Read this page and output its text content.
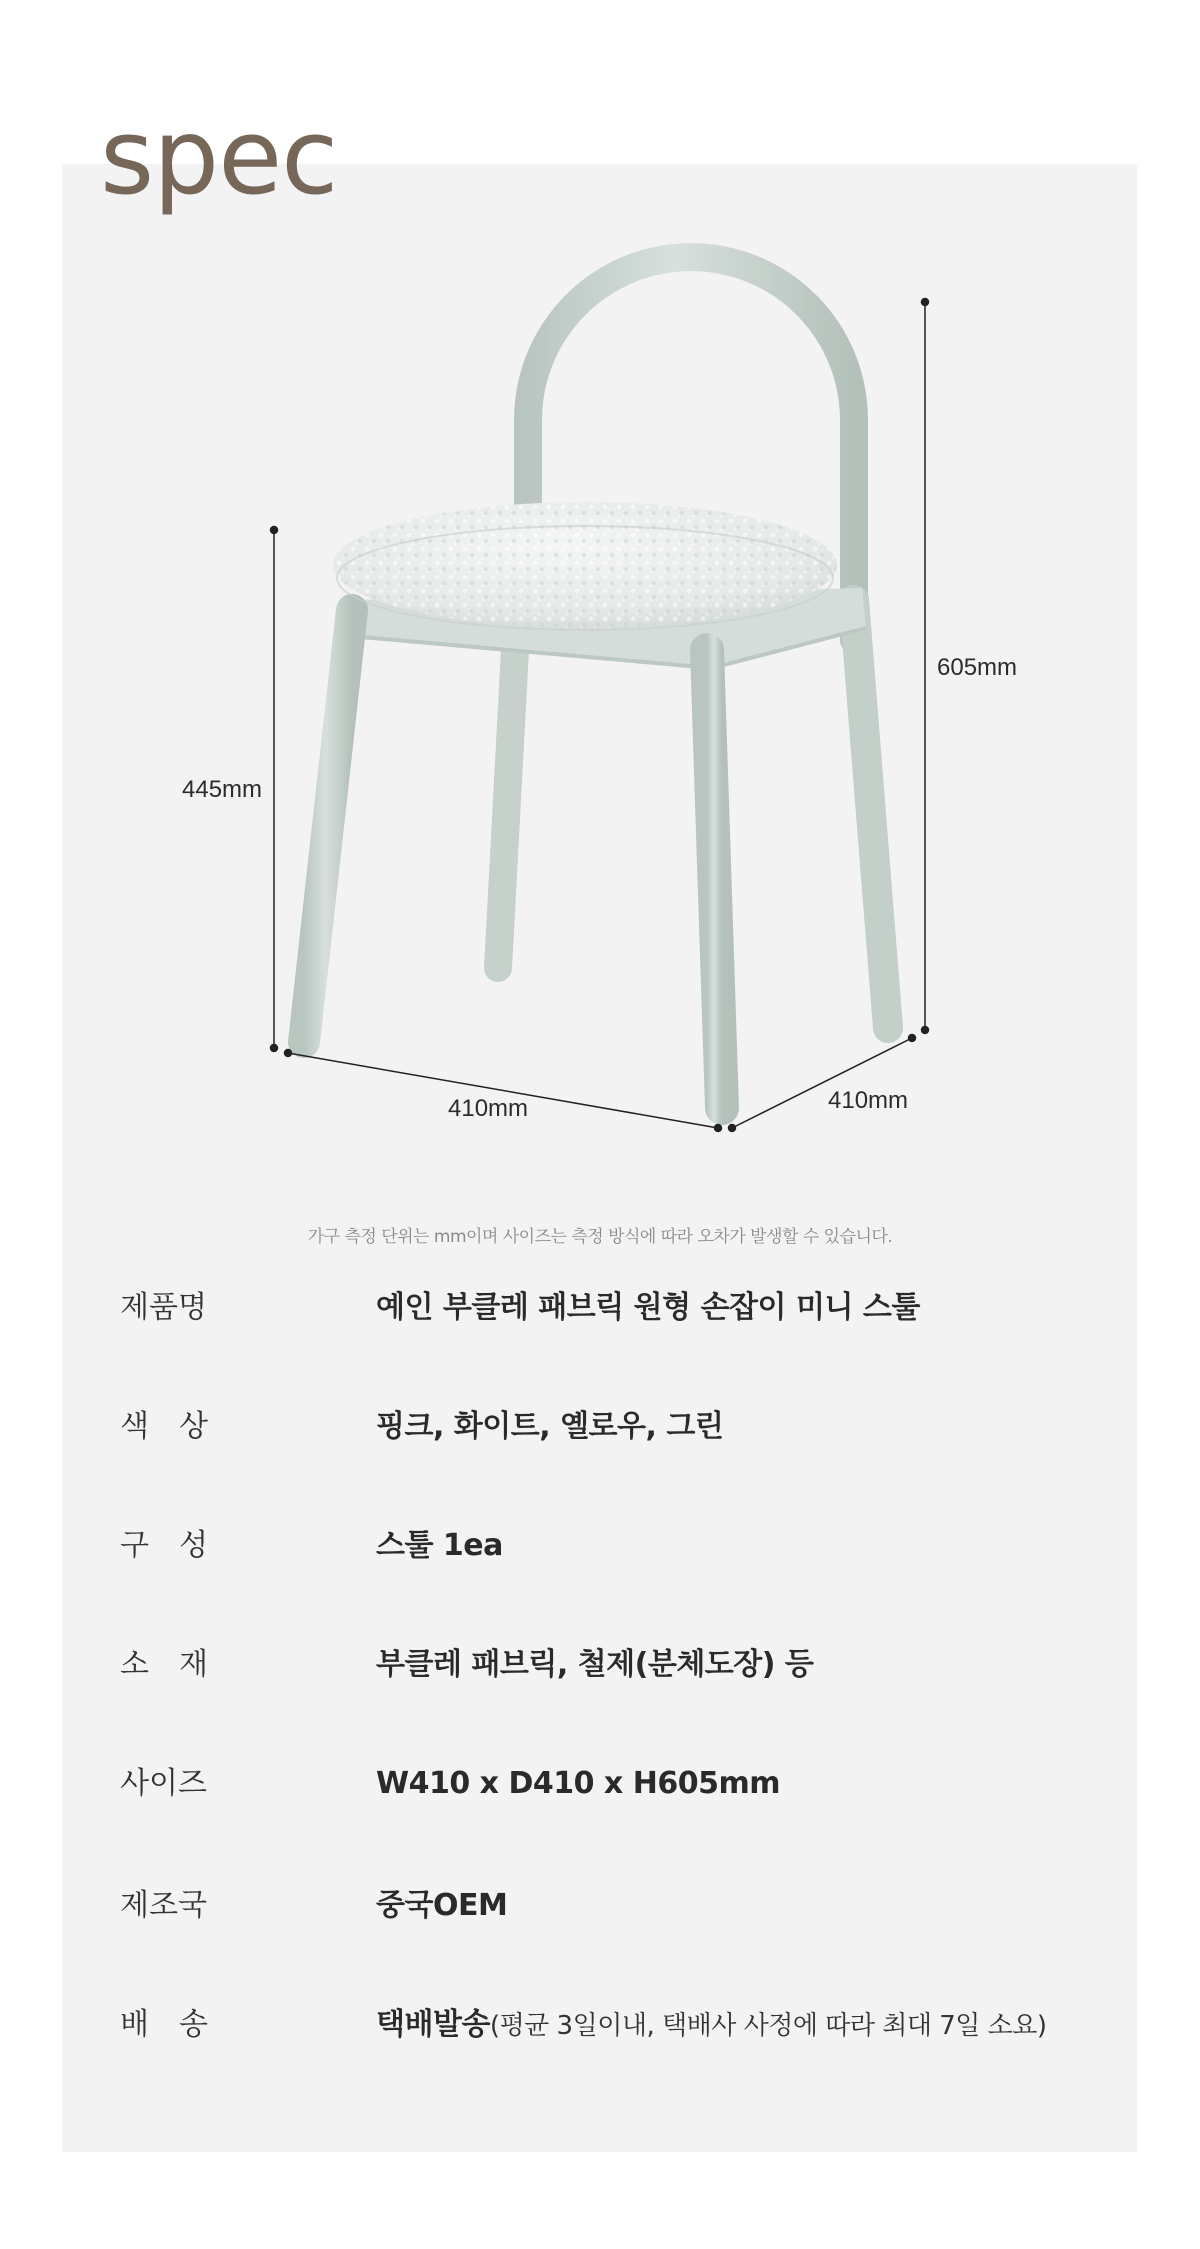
spec
605mm
445mm
410mm	410mm
가구 측정 단위는 mm이며 사이즈는 측정 방식에 따라 오차가 발생할 수 있습니다.
제품명	예인 부클레 패브릭 원형 손잡이 미니 스툴
색　상	핑크, 화이트, 옐로우, 그린
구　성	스툴 1ea
소　재	부클레 패브릭, 철제(분체도장) 등
사이즈	W410 x D410 x H605mm
제조국	중국OEM
배　송	택배발송(평균 3일이내, 택배사 사정에 따라 최대 7일 소요)
